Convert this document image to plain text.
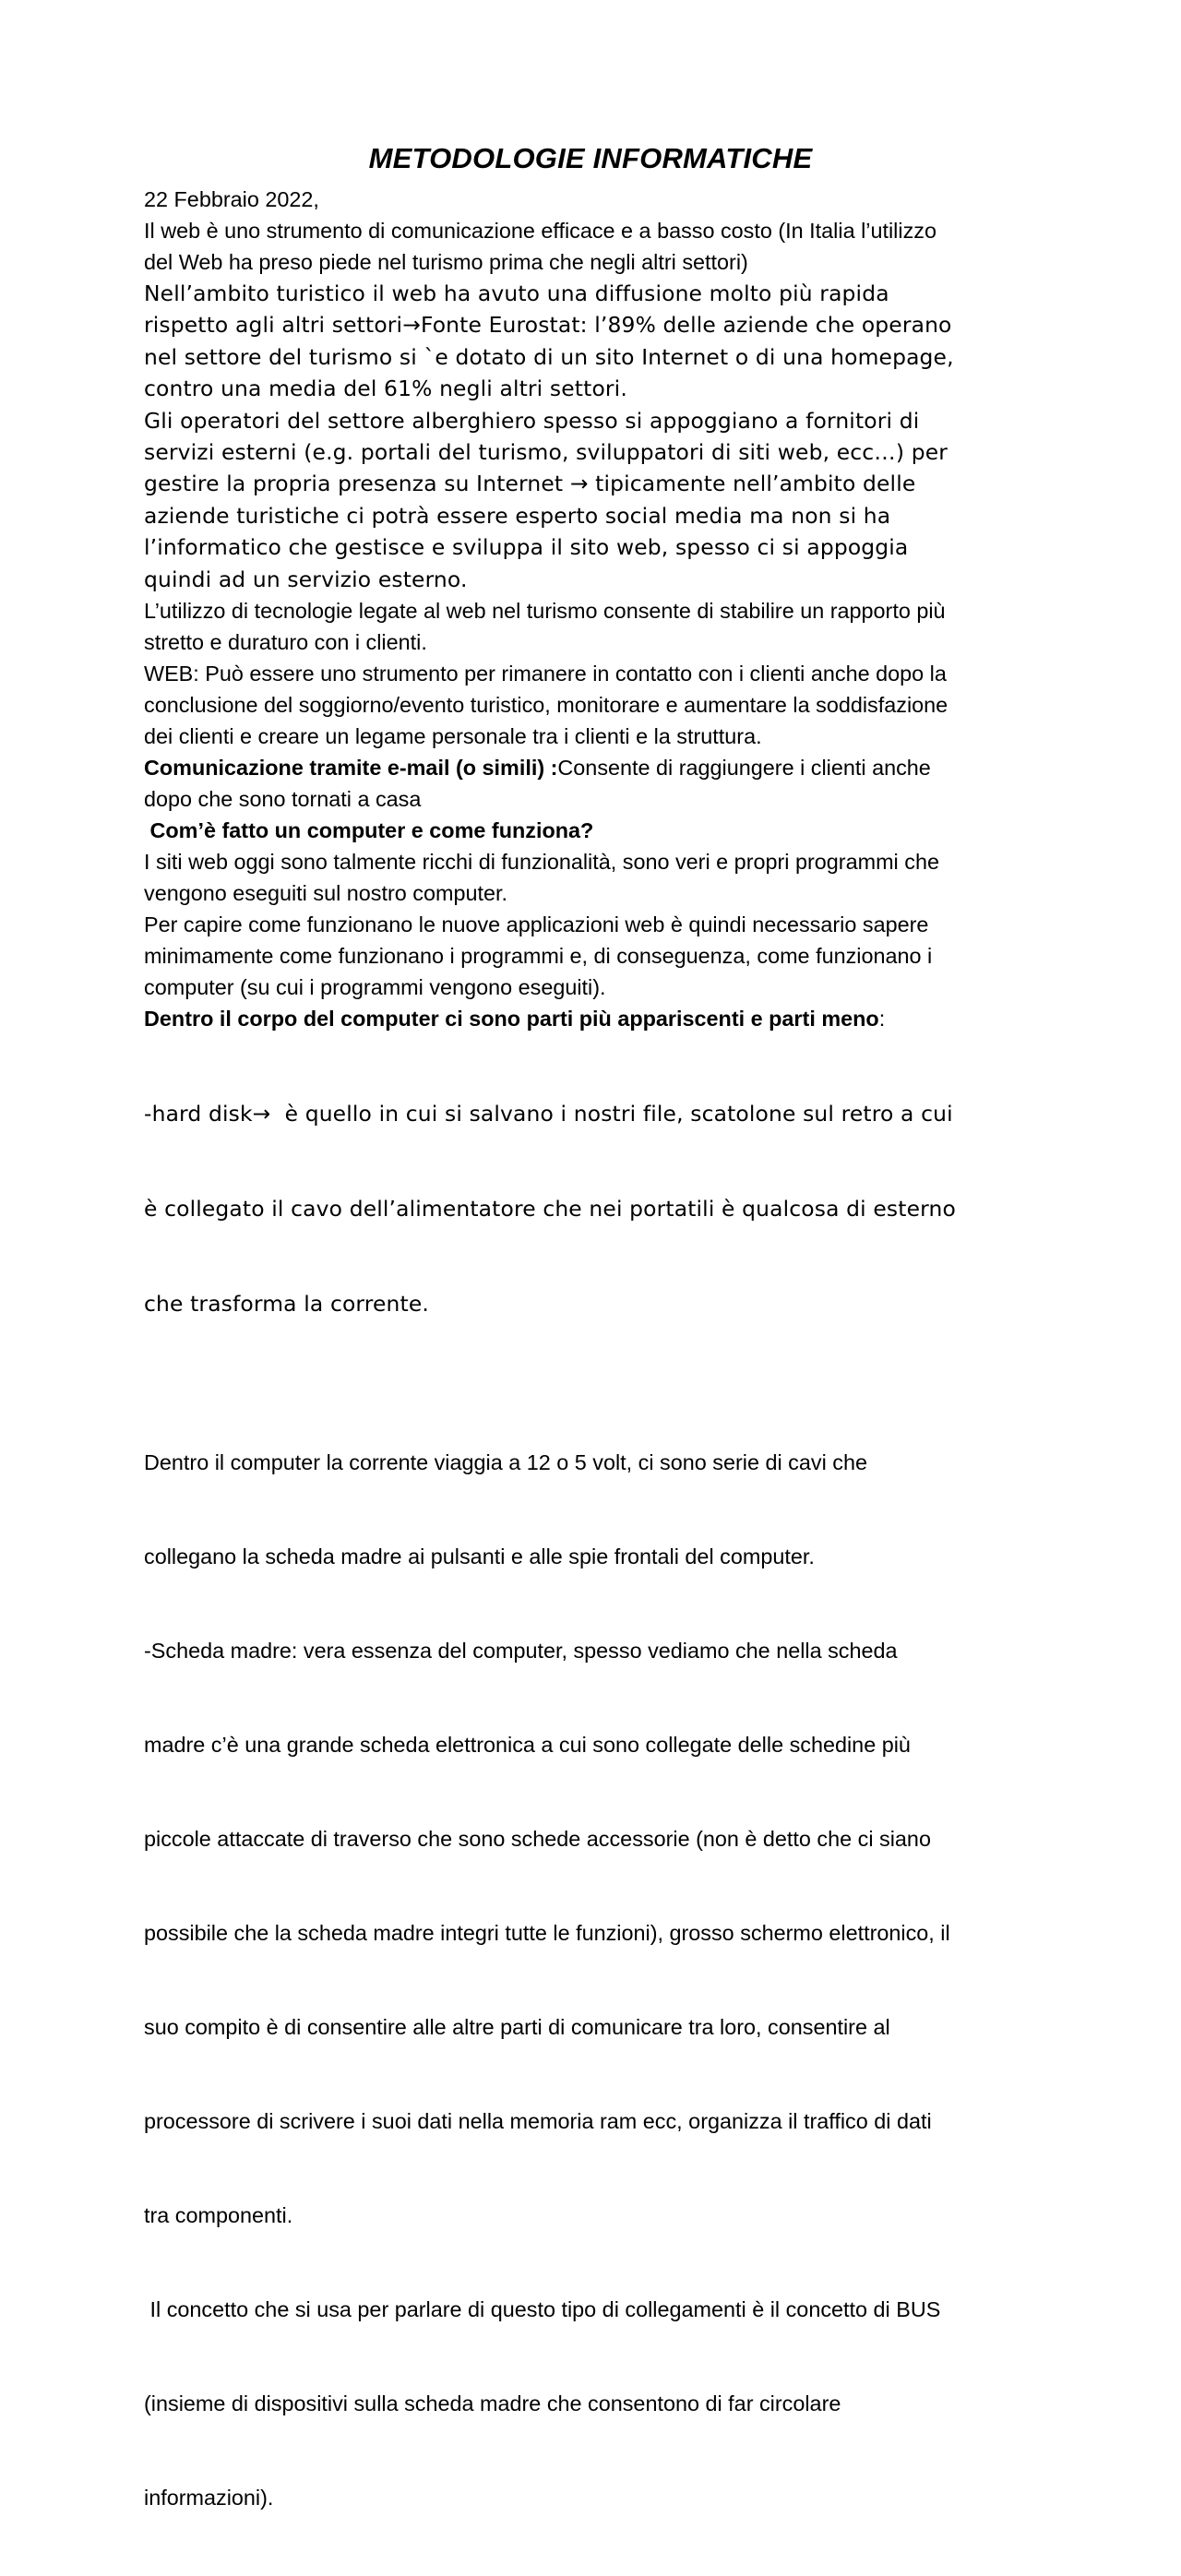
METODOLOGIE INFORMATICHE

22 Febbraio 2022,

Il web è uno strumento di comunicazione efficace e a basso costo (In Italia l’utilizzo
del Web ha preso piede nel turismo prima che negli altri settori)

Nell’ambito turistico il web ha avuto una diffusione molto più rapida
rispetto agli altri settori→Fonte Eurostat: l’89% delle aziende che operano
nel settore del turismo si `e dotato di un sito Internet o di una homepage,
contro una media del 61% negli altri settori.
Gli operatori del settore alberghiero spesso si appoggiano a fornitori di
servizi esterni (e.g. portali del turismo, sviluppatori di siti web, ecc…) per
gestire la propria presenza su Internet → tipicamente nell’ambito delle
aziende turistiche ci potrà essere esperto social media ma non si ha
l’informatico che gestisce e sviluppa il sito web, spesso ci si appoggia
quindi ad un servizio esterno.

L’utilizzo di tecnologie legate al web nel turismo consente di stabilire un rapporto più
stretto e duraturo con i clienti.
WEB: Può essere uno strumento per rimanere in contatto con i clienti anche dopo la
conclusione del soggiorno/evento turistico, monitorare e aumentare la soddisfazione
dei clienti e creare un legame personale tra i clienti e la struttura.

Comunicazione tramite e-mail (o simili) :Consente di raggiungere i clienti anche
dopo che sono tornati a casa

Com’è fatto un computer e come funziona?

I siti web oggi sono talmente ricchi di funzionalità, sono veri e propri programmi che
vengono eseguiti sul nostro computer.
Per capire come funzionano le nuove applicazioni web è quindi necessario sapere
minimamente come funzionano i programmi e, di conseguenza, come funzionano i
computer (su cui i programmi vengono eseguiti).

Dentro il corpo del computer ci sono parti più appariscenti e parti meno:

-hard disk→  è quello in cui si salvano i nostri file, scatolone sul retro a cui

è collegato il cavo dell’alimentatore che nei portatili è qualcosa di esterno

che trasforma la corrente.

Dentro il computer la corrente viaggia a 12 o 5 volt, ci sono serie di cavi che

collegano la scheda madre ai pulsanti e alle spie frontali del computer.

-Scheda madre: vera essenza del computer, spesso vediamo che nella scheda

madre c’è una grande scheda elettronica a cui sono collegate delle schedine più

piccole attaccate di traverso che sono schede accessorie (non è detto che ci siano

possibile che la scheda madre integri tutte le funzioni), grosso schermo elettronico, il

suo compito è di consentire alle altre parti di comunicare tra loro, consentire al

processore di scrivere i suoi dati nella memoria ram ecc, organizza il traffico di dati

tra componenti.

Il concetto che si usa per parlare di questo tipo di collegamenti è il concetto di BUS

(insieme di dispositivi sulla scheda madre che consentono di far circolare

informazioni).
